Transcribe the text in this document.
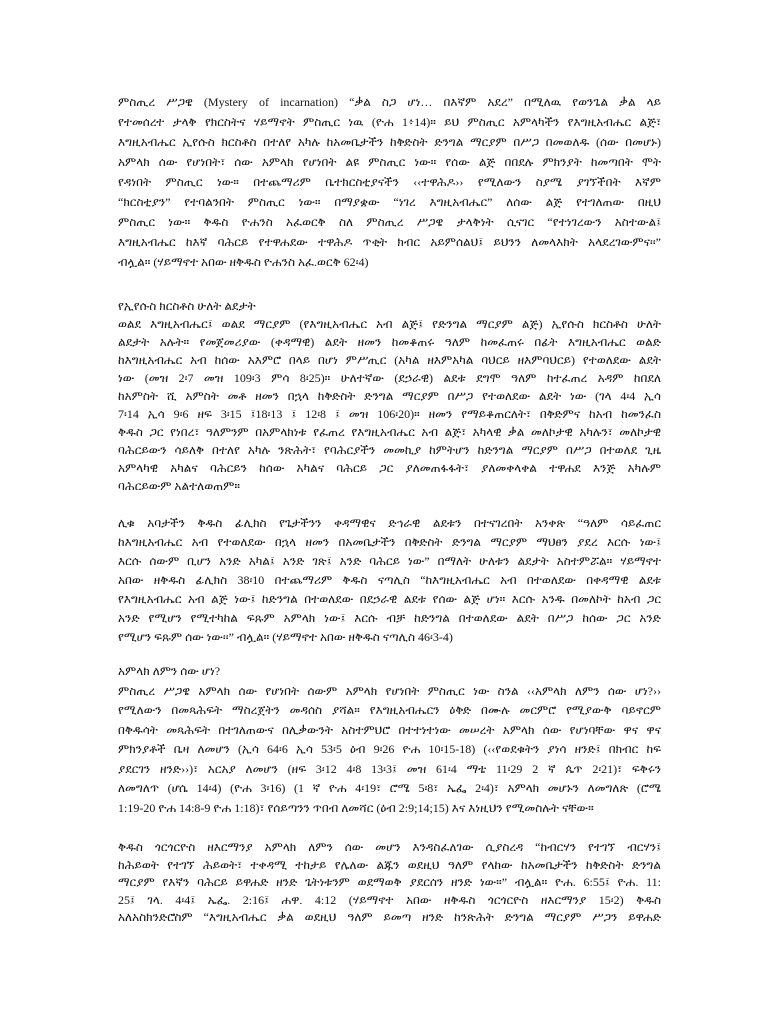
ምስጢረ ሥጋዌ (Mystery of incarnation) “ቃል ስጋ ሆነ… በእኛም አደረ” በሚለዉ የወንጌል ቃል ላይ
የተመሰረተ ታላቅ የክርስትና ሃይማኖት ምስጢር ነዉ (ዮሐ 1፥14)። ይህ ምስጢር አምላካችን የእግዚአብሔር ልጅ፣
እግዚአብሔር ኢየሱስ ክርስቶስ በተለየ አካሉ ከአመቤታችን ከቅድስት ድንግል ማርያም በሥጋ በመወለዱ (ሰው በመሆኑ)
አምላክ ሰው የሆነበት፣ ሰው አምላክ የሆነበት ልዩ ምስጢር ነው። የሰው ልጅ በበደሉ ምክንያት ከመጣበት ሞት
የዳነበት ምስጢር ነው። በተጨማሪም ቤተክርስቲያናችን ‹‹ተዋሕዶ›› የሚለውን ስያሜ ያገኘችበት እኛም
“ክርስቲያን” የተባልንበት ምስጢር ነው። በማያቋው “ነገረ እግዚአብሔር” ለሰው ልጅ የተገለጠው በዚህ
ምስጢር ነው። ቅዱስ ዮሐንስ አፈወርቅ ስለ ምስጢረ ሥጋዌ ታላቅነት ሲናገር “የተነገረውን አስተውል፤
እግዚአብሔር ከእኛ ባሕርይ የተዋሐደው ተዋሕዶ ጥቂት ክብር አይምሰልህ፤ ይህንን ለመላእክት አላደረገውምና፡፡”
ብሏል። (ሃይማኖተ አበው ዘቅዱስ ዮሐንስ አፈ.ወርቅ 62፡4)
የኢየሱስ ክርስቶስ ሁለት ልደታት
ወልደ እግዚአብሔር፤ ወልደ ማርያም (የእግዚአብሔር አብ ልጅ፤ የድንግል ማርያም ልጅ) ኢየሱስ ክርስቶስ ሁለት
ልደታት አሉት። የመጀመሪያው (ቀዳማዊ) ልደት ዘመን ከመቆጠሩ ዓለም ከመፈጠሩ በፊት እግዚአብሔር ወልድ
ከእግዚአብሔር አብ ከሰው አእምሮ በላይ በሆነ ምሥጢር (አካል ዘእምአካል ባህርይ ዘእምባህርይ) የተወለደው ልደት
ነው (መዝ 2፡7 መዝ 109፡3 ምሳ 8፡25)። ሁለተኛው (ደኃራዊ) ልደቱ ደግሞ ዓለም ከተፈጠረ አዳም ከበደለ
ከአምስት ሺ አምስት መቶ ዘመን በኋላ ከቅድስት ድንግል ማርያም በሥጋ የተወለደው ልደት ነው (ገላ 4፡4 ኢሳ
7፡14 ኢሳ 9፡6 ዘፍ 3፡15 ፤18፡13 ፤ 12፡8 ፤ መዝ 106፡20)። ዘመን የማይቆጠርለት፣ በቅድምና ከአብ ከመንፈስ
ቅዱስ ጋር የነበረ፣ ዓለምንም በአምላክነቱ የፈጠረ የእግዚአብሔር አብ ልጅ፣ አካላዊ ቃል መለኮታዊ አካሉን፣ መለኮታዊ
ባሕርይውን ሳይለቅ በተለየ አካሉ ንጽሕት፣ የባሕርያችን መመኪያ ከምትሆን ከድንግል ማርያም በሥጋ በተወለደ ጊዜ
አምላካዊ አካልና ባሕርይን ከሰው አካልና ባሕርይ ጋር ያለመጠፋፋት፣ ያለመቀላቀል ተዋሐደ እንጅ አካሉም
ባሕርይውም አልተለወጠም።
ሊቁ አባታችን ቅዱስ ፊሊክስ የጌታችንን ቀዳማዊና ድኅራዊ ልደቱን በተናገረበት አንቀጽ “ዓለም ሳይፈጠር
ከእግዚአብሔር አብ የተወለደው በኋላ ዘመን በአመቤታችን በቅድስት ድንግል ማርያም ማህፀን ያደረ እርሱ ነው፤
እርሱ ሰውም ቢሆን አንድ አካል፤ አንድ ገጽ፤ አንድ ባሕርይ ነው” በማለት ሁለቱን ልደታት አስተምሯል። ሃይማኖተ
አበው ዘቅዱስ ፊሊክስ 38፡10 በተጨማሪም ቅዱስ ናጣሊስ “ከእግዚአብሔር አብ በተወለደው በቀዳማዊ ልደቱ
የእግዚአብሔር አብ ልጅ ነው፤ ከድንግል በተወለደው በደኃራዊ ልደቱ የሰው ልጅ ሆነ። እርሱ አንዱ በመለኮት ከአብ ጋር
አንድ የሚሆን የሚተካከል ፍጹም አምላክ ነው፤ እርሱ ብቻ ከድንግል በተወለደው ልደት በሥጋ ከሰው ጋር አንድ
የሚሆን ፍጹም ሰው ነው፡፡” ብሏል። (ሃይማኖተ አበው ዘቅዱስ ናጣሊስ 46፡3-4)
አምላክ ለምን ሰው ሆነ?
ምስጢረ ሥጋዌ አምላክ ሰው የሆነበት ሰውም አምላክ የሆነበት ምስጢር ነው ስንል ‹‹አምላክ ለምን ሰው ሆነ?››
የሚለውን በመጻሕፍት ማስረጀትን መዳሰስ ያሻል። የእግዚአብሔርን ዕቅድ በሙሉ መርምሮ የሚያውቅ ባይኖርም
በቅዱሳት መጻሕፍት በተገለጠውና በሊቃውንት አስተምህሮ በተተነተነው መሠረት አምላክ ሰው የሆነባቸው ዋና ዋና
ምክንያቶች ቤዛ ለመሆን (ኢሳ 64፡6 ኢሳ 53፡5 ዕብ 9፡26 ዮሐ 10፡15-18) (‹‹የወደቁትን ያነሳ ዘንድ፤ በክብር ከፍ
ያደርገን ዘንድ››)፣ አርአያ ለመሆን (ዘፍ 3፡12 4፡8 13፡3፤ መዝ 61፡4 ማቴ 11፡29 2 ኛ ጴጥ 2፡21)፣ ፍቅሩን
ለመግለጥ (ሆሴ 14፡4) (ዮሐ 3፡16) (1 ኛ ዮሐ 4፡19፣ ሮሜ 5፡8፣ ኤፌ 2፡4)፣ አምላክ መሆኑን ለመግለጽ (ሮሜ
1:19-20 ዮሐ 14:8-9 ዮሐ 1:18)፣ የሰይጣንን ጥበብ ለመሻር (ዕብ 2:9;14;15) እና እነዚህን የሚመስሉት ናቸው።
ቅዱስ ጎርጎርዮስ ዘእርማንያ አምላክ ለምን ሰው መሆን እንዳስፈለገው ሲያስረዳ “ከብርሃን የተገኘ ብርሃን፤
ከሕይወት የተገኘ ሕይወት፣ ተቀዳሚ ተከታይ የሌለው ልጁን ወደዚህ ዓለም የላከው ከአመቤታችን ከቅድስት ድንግል
ማርያም የእኛን ባሕርይ ይዋሐድ ዘንድ ጌትነቱንም ወደማወቅ ያደርሰን ዘንድ ነው።” ብሏል። ዮሐ. 6:55፤ ዮሐ. 11:
25፤ ገላ. 4፡4፤ ኤፌ. 2:16፤ ሐዋ. 4:12 (ሃይማኖተ አበው ዘቅዱስ ጎርጎርዮስ ዘእርማንያ 15፡2) ቅዱስ
አለአስክንድሮስም “እግዚአብሔር ቃል ወደዚህ ዓለም ይመጣ ዘንድ ከንጽሕት ድንግል ማርያም ሥጋን ይዋሐድ
